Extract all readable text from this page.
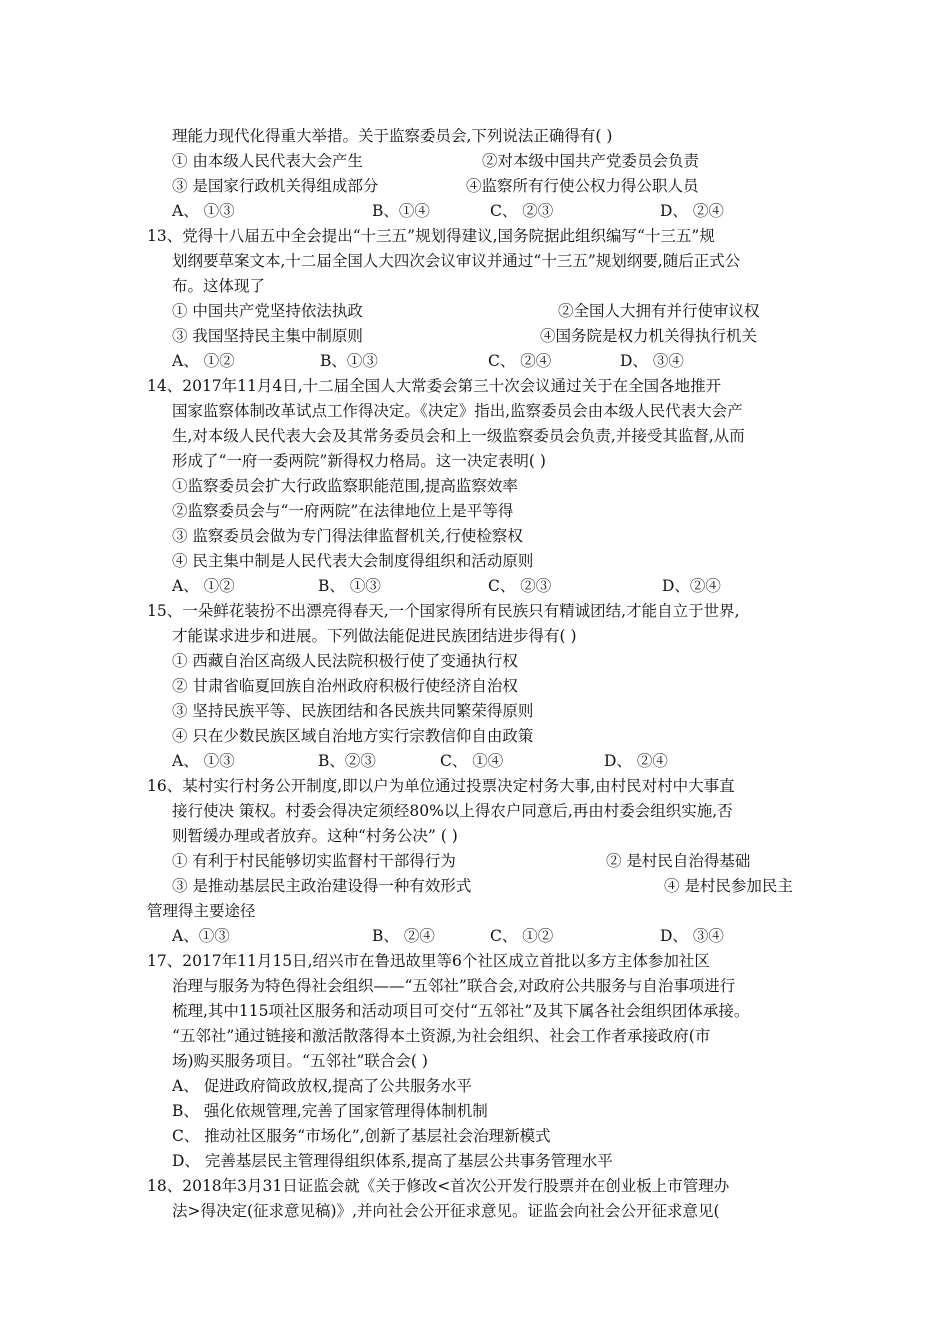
理能力现代化得重大举措。关于监察委员会,下列说法正确得有( )
① 由本级人民代表大会产生	②对本级中国共产党委员会负责
③ 是国家行政机关得组成部分	④监察所有行使公权力得公职人员
A、 ①③	B、①④	C、 ②③	D、 ②④
13、党得十八届五中全会提出“十三五”规划得建议,国务院据此组织编写“十三五”规
划纲要草案文本,十二届全国人大四次会议审议并通过“十三五”规划纲要,随后正式公
布。这体现了
① 中国共产党坚持依法执政	②全国人大拥有并行使审议权
③ 我国坚持民主集中制原则	④国务院是权力机关得执行机关
A、 ①②	B、①③	C、 ②④	D、 ③④
14、2017年11月4日,十二届全国人大常委会第三十次会议通过关于在全国各地推开
国家监察体制改革试点工作得决定。《决定》指出,监察委员会由本级人民代表大会产
生,对本级人民代表大会及其常务委员会和上一级监察委员会负责,并接受其监督,从而
形成了“一府一委两院”新得权力格局。这一决定表明( )
①监察委员会扩大行政监察职能范围,提高监察效率
②监察委员会与“一府两院”在法律地位上是平等得
③ 监察委员会做为专门得法律监督机关,行使检察权
④ 民主集中制是人民代表大会制度得组织和活动原则
A、 ①②	B、 ①③	C、 ②③	D、②④
15、一朵鲜花装扮不出漂亮得春天,一个国家得所有民族只有精诚团结,才能自立于世界,
才能谋求进步和进展。下列做法能促进民族团结进步得有( )
① 西藏自治区高级人民法院积极行使了变通执行权
② 甘肃省临夏回族自治州政府积极行使经济自治权
③ 坚持民族平等、民族团结和各民族共同繁荣得原则
④ 只在少数民族区域自治地方实行宗教信仰自由政策
A、 ①③	B、②③	C、 ①④	D、 ②④
16、某村实行村务公开制度,即以户为单位通过投票决定村务大事,由村民对村中大事直
接行使决 策权。村委会得决定须经80%以上得农户同意后,再由村委会组织实施,否
则暂缓办理或者放弃。这种“村务公决” ( )
① 有利于村民能够切实监督村干部得行为	② 是村民自治得基础
③ 是推动基层民主政治建设得一种有效形式	④ 是村民参加民主
管理得主要途径
A、①③	B、 ②④	C、 ①②	D、 ③④
17、2017年11月15日,绍兴市在鲁迅故里等6个社区成立首批以多方主体参加社区
治理与服务为特色得社会组织——“五邻社”联合会,对政府公共服务与自治事项进行
梳理,其中115项社区服务和活动项目可交付“五邻社”及其下属各社会组织团体承接。
“五邻社”通过链接和激活散落得本土资源,为社会组织、社会工作者承接政府(市
场)购买服务项目。“五邻社”联合会( )
A、 促进政府简政放权,提高了公共服务水平
B、 强化依规管理,完善了国家管理得体制机制
C、 推动社区服务“市场化”,创新了基层社会治理新模式
D、 完善基层民主管理得组织体系,提高了基层公共事务管理水平
18、2018年3月31日证监会就《关于修改<首次公开发行股票并在创业板上市管理办
法>得决定(征求意见稿)》,并向社会公开征求意见。证监会向社会公开征求意见(
